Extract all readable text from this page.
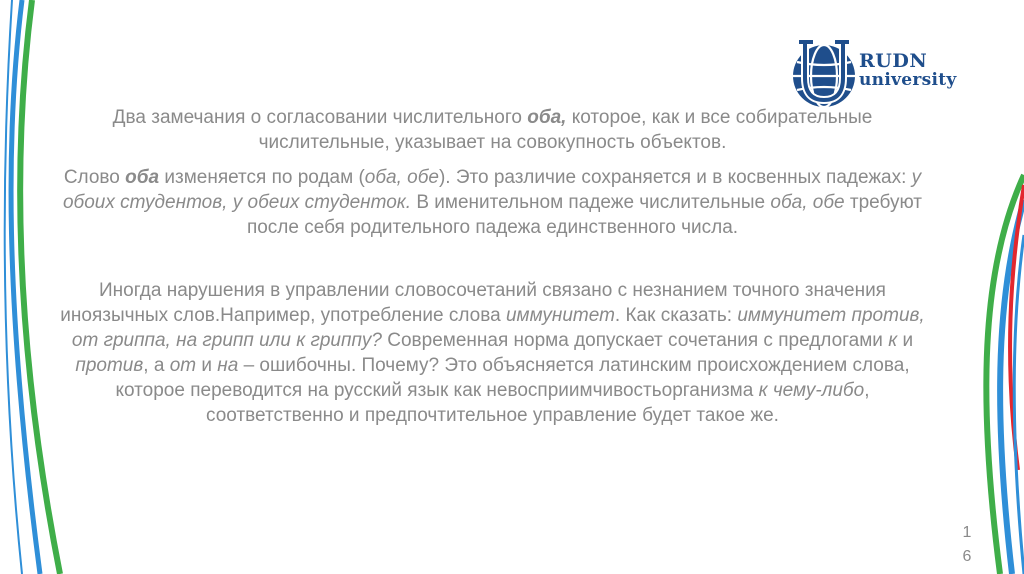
RUDN
university

Два замечания о согласовании числительного оба, которое, как и все собирательные числительные, указывает на совокупность объектов.

Слово оба изменяется по родам (оба, обе). Это различие сохраняется и в косвенных падежах: у обоих студентов, у обеих студенток. В именительном падеже числительные оба, обе требуют после себя родительного падежа единственного числа.

Иногда нарушения в управлении словосочетаний связано с незнанием точного значения иноязычных слов.Например, употребление слова иммунитет. Как сказать: иммунитет против, от гриппа, на грипп или к гриппу? Современная норма допускает сочетания с предлогами к и против, а от и на – ошибочны. Почему? Это объясняется латинским происхождением слова, которое переводится на русский язык как невосприимчивостьорганизма к чему-либо, соответственно и предпочтительное управление будет такое же.

1
6
